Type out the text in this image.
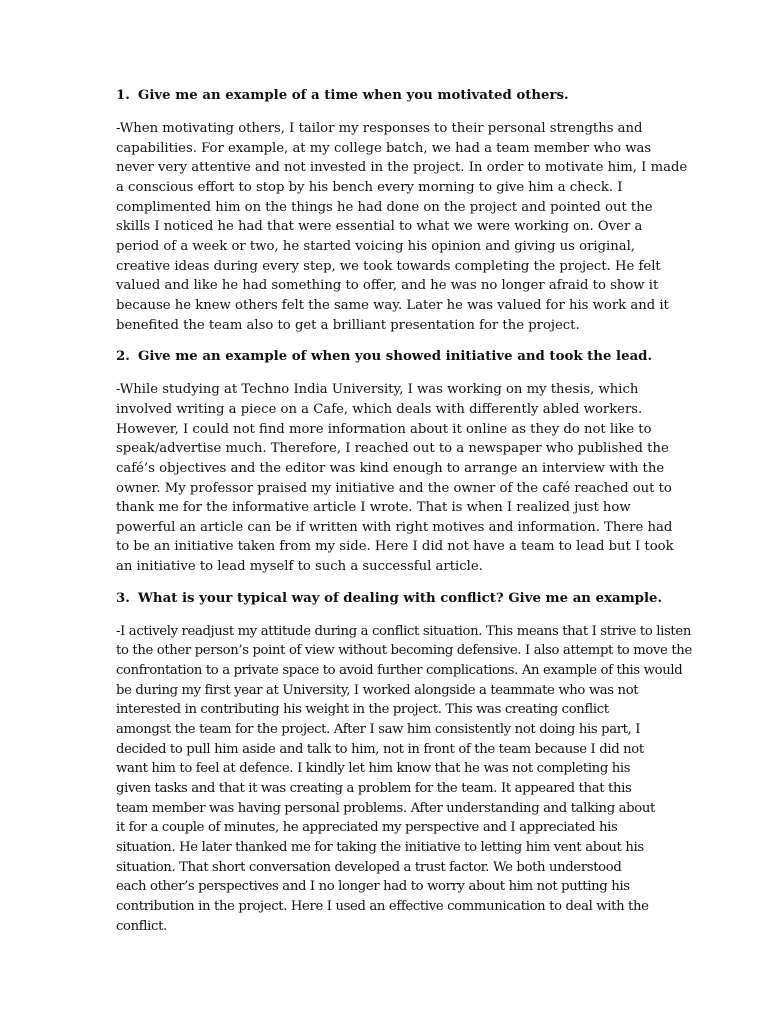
1. Give me an example of a time when you motivated others.

-When motivating others, I tailor my responses to their personal strengths and
capabilities. For example, at my college batch, we had a team member who was
never very attentive and not invested in the project. In order to motivate him, I made
a conscious effort to stop by his bench every morning to give him a check. I
complimented him on the things he had done on the project and pointed out the
skills I noticed he had that were essential to what we were working on. Over a
period of a week or two, he started voicing his opinion and giving us original,
creative ideas during every step, we took towards completing the project. He felt
valued and like he had something to offer, and he was no longer afraid to show it
because he knew others felt the same way. Later he was valued for his work and it
benefited the team also to get a brilliant presentation for the project.

2. Give me an example of when you showed initiative and took the lead.

-While studying at Techno India University, I was working on my thesis, which
involved writing a piece on a Cafe, which deals with differently abled workers.
However, I could not find more information about it online as they do not like to
speak/advertise much. Therefore, I reached out to a newspaper who published the
café’s objectives and the editor was kind enough to arrange an interview with the
owner. My professor praised my initiative and the owner of the café reached out to
thank me for the informative article I wrote. That is when I realized just how
powerful an article can be if written with right motives and information. There had
to be an initiative taken from my side. Here I did not have a team to lead but I took
an initiative to lead myself to such a successful article.

3. What is your typical way of dealing with conflict? Give me an example.

-I actively readjust my attitude during a conflict situation. This means that I strive to listen
to the other person’s point of view without becoming defensive. I also attempt to move the
confrontation to a private space to avoid further complications. An example of this would
be during my first year at University, I worked alongside a teammate who was not
interested in contributing his weight in the project. This was creating conflict
amongst the team for the project. After I saw him consistently not doing his part, I
decided to pull him aside and talk to him, not in front of the team because I did not
want him to feel at defence. I kindly let him know that he was not completing his
given tasks and that it was creating a problem for the team. It appeared that this
team member was having personal problems. After understanding and talking about
it for a couple of minutes, he appreciated my perspective and I appreciated his
situation. He later thanked me for taking the initiative to letting him vent about his
situation. That short conversation developed a trust factor. We both understood
each other’s perspectives and I no longer had to worry about him not putting his
contribution in the project. Here I used an effective communication to deal with the
conflict.
